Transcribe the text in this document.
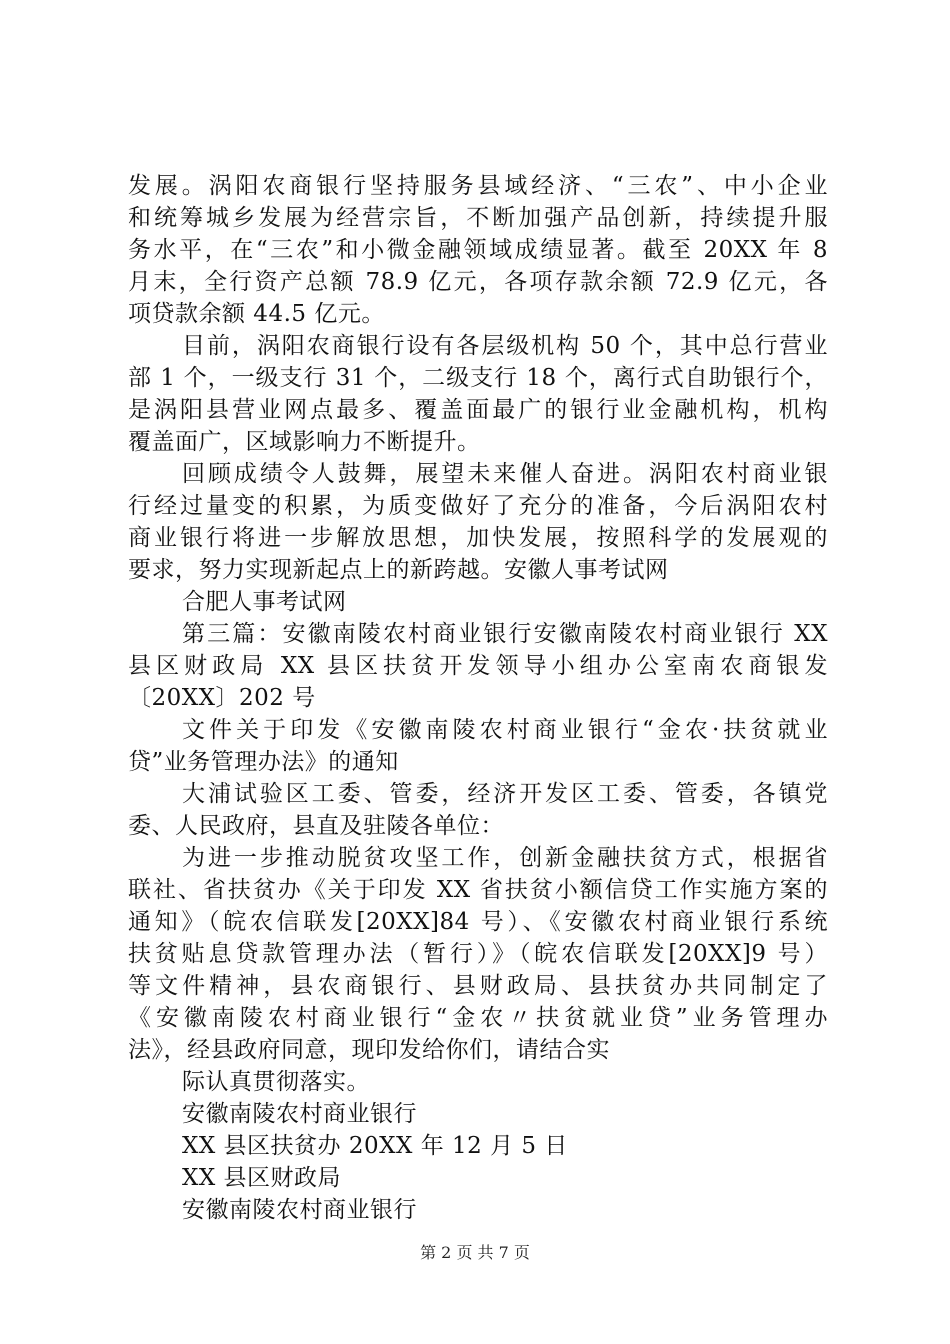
发展。涡阳农商银行坚持服务县域经济、“三农”、中小企业
和统筹城乡发展为经营宗旨，不断加强产品创新，持续提升服
务水平，在“三农”和小微金融领域成绩显著。截至 20XX 年 8
月末，全行资产总额 78.9 亿元，各项存款余额 72.9 亿元，各
项贷款余额 44.5 亿元。
目前，涡阳农商银行设有各层级机构 50 个，其中总行营业
部 1 个，一级支行 31 个，二级支行 18 个，离行式自助银行个，
是涡阳县营业网点最多、覆盖面最广的银行业金融机构，机构
覆盖面广，区域影响力不断提升。
回顾成绩令人鼓舞，展望未来催人奋进。涡阳农村商业银
行经过量变的积累，为质变做好了充分的准备，今后涡阳农村
商业银行将进一步解放思想，加快发展，按照科学的发展观的
要求，努力实现新起点上的新跨越。安徽人事考试网
合肥人事考试网
第三篇：安徽南陵农村商业银行安徽南陵农村商业银行 XX
县区财政局 XX 县区扶贫开发领导小组办公室南农商银发
〔20XX〕202 号
文件关于印发《安徽南陵农村商业银行“金农·扶贫就业
贷”业务管理办法》的通知
大浦试验区工委、管委，经济开发区工委、管委，各镇党
委、人民政府，县直及驻陵各单位：
为进一步推动脱贫攻坚工作，创新金融扶贫方式，根据省
联社、省扶贫办《关于印发 XX 省扶贫小额信贷工作实施方案的
通知》（皖农信联发[20XX]84 号）、《安徽农村商业银行系统
扶贫贴息贷款管理办法（暂行）》（皖农信联发[20XX]9 号）
等文件精神，县农商银行、县财政局、县扶贫办共同制定了
《安徽南陵农村商业银行“金农〃扶贫就业贷”业务管理办
法》，经县政府同意，现印发给你们，请结合实
际认真贯彻落实。
安徽南陵农村商业银行
XX 县区扶贫办 20XX 年 12 月 5 日
XX 县区财政局
安徽南陵农村商业银行
第 2 页 共 7 页
